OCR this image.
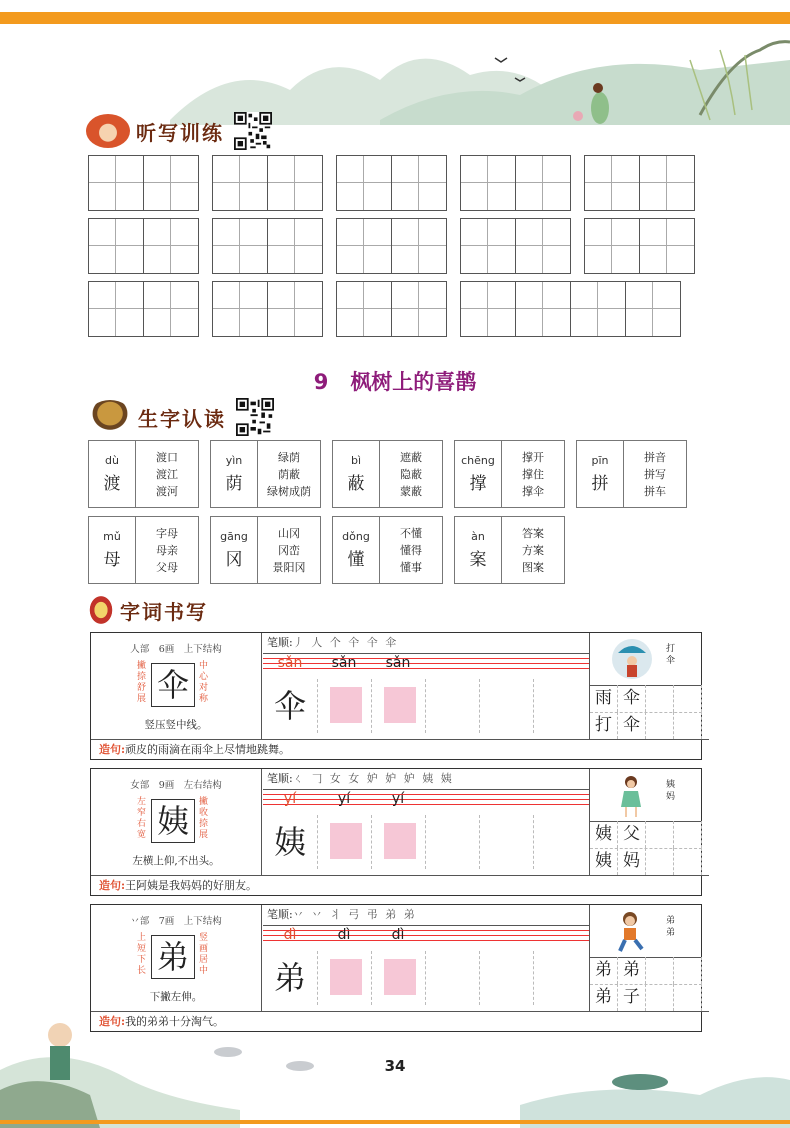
听写训练
9 枫树上的喜鹊
生字认读
dù
渡
渡口
渡江
渡河
yìn
荫
绿荫
荫蔽
绿树成荫
bì
蔽
遮蔽
隐蔽
蒙蔽
chēng
撑
撑开
撑住
撑伞
pīn
拼
拼音
拼写
拼车
mǔ
母
字母
母亲
父母
gāng
冈
山冈
冈峦
景阳冈
dǒng
懂
不懂
懂得
懂事
àn
案
答案
方案
图案
字词书写
人部　6画　上下结构
撇捺舒展 伞	中心对称
竖压竖中线。
笔顺:丿 人 个 仐 仐 伞
sǎn	sǎn	sǎn
伞
打伞
雨 伞
打 伞
造句:顽皮的雨滴在雨伞上尽情地跳舞。
女部　9画　左右结构
左窄右宽 姨	撇收捺展
左横上仰,不出头。
笔顺:ㄑ 𠃌 女 女 妒 妒 妒 姨 姨
yí	yí	yí
姨
姨妈
姨 父
姨 妈
造句:王阿姨是我妈妈的好朋友。
丷部　7画　上下结构
上短下长 弟	竖画居中
下撇左伸。
笔顺:丷 丷 丬 弓 弔 弟 弟
dì	dì	dì
弟
弟弟
弟 弟
弟 子
造句:我的弟弟十分淘气。
34
